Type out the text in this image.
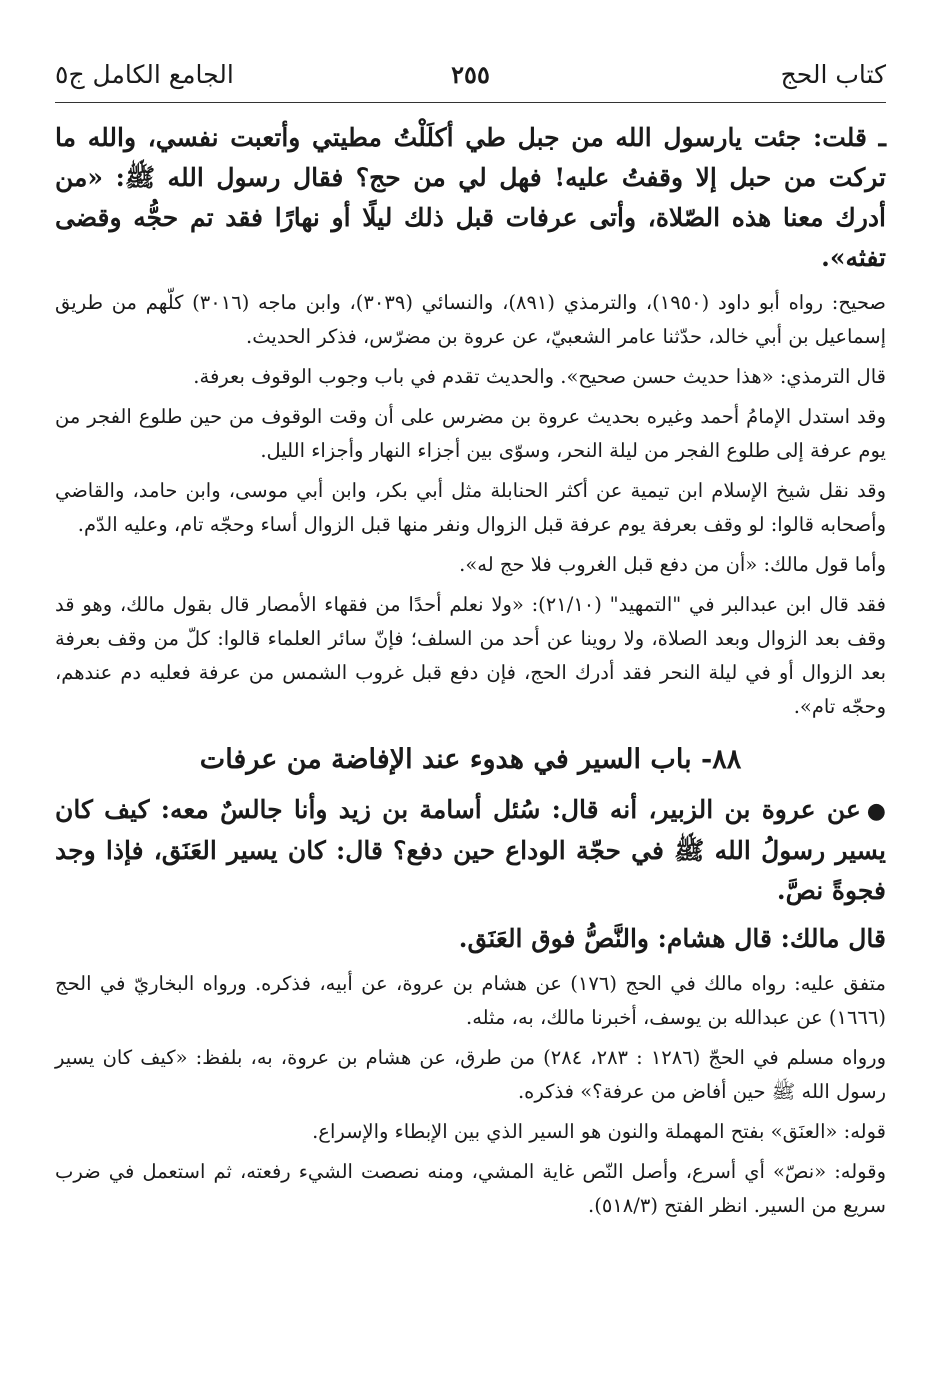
كتاب الحج
٢٥٥
الجامع الكامل ج٥

ـ قلت: جئت يارسول الله من جبل طي أكلَلْتُ مطيتي وأتعبت نفسي، والله ما تركت من حبل إلا وقفتُ عليه! فهل لي من حج؟ فقال رسول الله ﷺ: «من أدرك معنا هذه الصّلاة، وأتى عرفات قبل ذلك ليلًا أو نهارًا فقد تم حجُّه وقضى تفثه».

صحيح: رواه أبو داود (١٩٥٠)، والترمذي (٨٩١)، والنسائي (٣٠٣٩)، وابن ماجه (٣٠١٦) كلّهم من طريق إسماعيل بن أبي خالد، حدّثنا عامر الشعبيّ، عن عروة بن مضرّس، فذكر الحديث.

قال الترمذي: «هذا حديث حسن صحيح». والحديث تقدم في باب وجوب الوقوف بعرفة.

وقد استدل الإمامُ أحمد وغيره بحديث عروة بن مضرس على أن وقت الوقوف من حين طلوع الفجر من يوم عرفة إلى طلوع الفجر من ليلة النحر، وسوّى بين أجزاء النهار وأجزاء الليل.

وقد نقل شيخ الإسلام ابن تيمية عن أكثر الحنابلة مثل أبي بكر، وابن أبي موسى، وابن حامد، والقاضي وأصحابه قالوا: لو وقف بعرفة يوم عرفة قبل الزوال ونفر منها قبل الزوال أساء وحجّه تام، وعليه الدّم.

وأما قول مالك: «أن من دفع قبل الغروب فلا حج له».

فقد قال ابن عبدالبر في "التمهيد" (٢١/١٠): «ولا نعلم أحدًا من فقهاء الأمصار قال بقول مالك، وهو قد وقف بعد الزوال وبعد الصلاة، ولا روينا عن أحد من السلف؛ فإنّ سائر العلماء قالوا: كلّ من وقف بعرفة بعد الزوال أو في ليلة النحر فقد أدرك الحج، فإن دفع قبل غروب الشمس من عرفة فعليه دم عندهم، وحجّه تام».

٨٨- باب السير في هدوء عند الإفاضة من عرفات

●عن عروة بن الزبير، أنه قال: سُئل أسامة بن زيد وأنا جالسٌ معه: كيف كان يسير رسولُ الله ﷺ في حجّة الوداع حين دفع؟ قال: كان يسير العَنَق، فإذا وجد فجوةً نصَّ.

قال مالك: قال هشام: والنَّصُّ فوق العَنَق.

متفق عليه: رواه مالك في الحج (١٧٦) عن هشام بن عروة، عن أبيه، فذكره. ورواه البخاريّ في الحج (١٦٦٦) عن عبدالله بن يوسف، أخبرنا مالك، به، مثله.

ورواه مسلم في الحجّ (١٢٨٦ : ٢٨٣، ٢٨٤) من طرق، عن هشام بن عروة، به، بلفظ: «كيف كان يسير رسول الله ﷺ حين أفاض من عرفة؟» فذكره.

قوله: «العنَق» بفتح المهملة والنون هو السير الذي بين الإبطاء والإسراع.

وقوله: «نصّ» أي أسرع، وأصل النّص غاية المشي، ومنه نصصت الشيء رفعته، ثم استعمل في ضرب سريع من السير. انظر الفتح (٥١٨/٣).
